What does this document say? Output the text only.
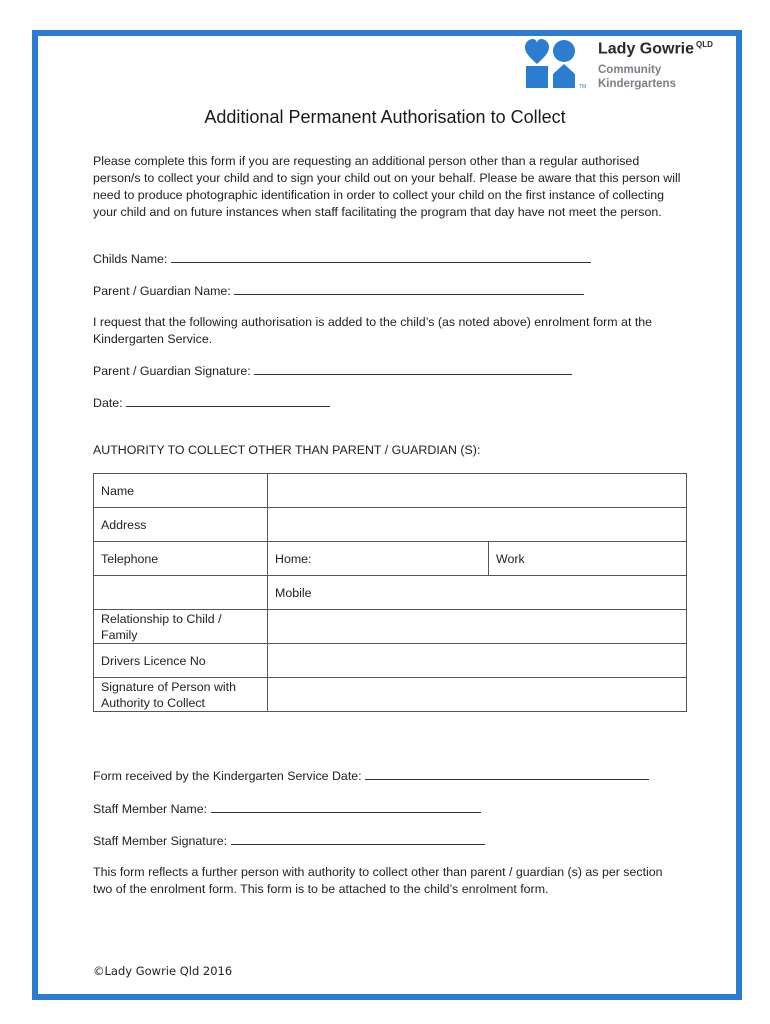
TM
Lady Gowrie $^{QLD}$
Community
Kindergartens
Additional Permanent Authorisation to Collect
Please complete this form if you are requesting an additional person other than a regular authorised person/s to collect your child and to sign your child out on your behalf. Please be aware that this person will need to produce photographic identification in order to collect your child on the first instance of collecting your child and on future instances when staff facilitating the program that day have not meet the person.
Childs Name:
Parent / Guardian Name:
I request that the following authorisation is added to the child’s (as noted above) enrolment form at the Kindergarten Service.
Parent / Guardian Signature:
Date:
AUTHORITY TO COLLECT OTHER THAN PARENT / GUARDIAN (S):
Name		
Address		
Telephone	Home:	Work
	Mobile	
Relationship to Child / Family		
Drivers Licence No		
Signature of Person with Authority to Collect		
Form received by the Kindergarten Service Date:
Staff Member Name:
Staff Member Signature:
This form reflects a further person with authority to collect other than parent / guardian (s) as per section two of the enrolment form. This form is to be attached to the child’s enrolment form.
©Lady Gowrie Qld 2016
